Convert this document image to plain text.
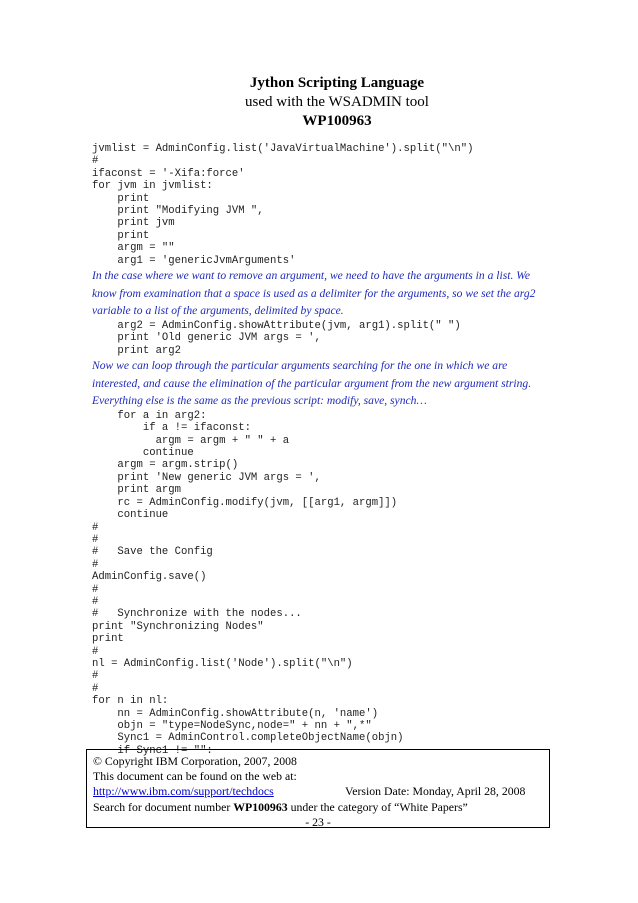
Jython Scripting Language
used with the WSADMIN tool
WP100963
jvmlist = AdminConfig.list('JavaVirtualMachine').split("\n")
#
ifaconst = '-Xifa:force'
for jvm in jvmlist:
print
print "Modifying JVM ",
print jvm
print
argm = ""
arg1 = 'genericJvmArguments'
In the case where we want to remove an argument, we need to have the arguments in a list. We know from examination that a space is used as a delimiter for the arguments, so we set the arg2 variable to a list of the arguments, delimited by space.
arg2 = AdminConfig.showAttribute(jvm, arg1).split(" ")
print 'Old generic JVM args = ',
print arg2
Now we can loop through the particular arguments searching for the one in which we are interested, and cause the elimination of the particular argument from the new argument string. Everything else is the same as the previous script: modify, save, synch…
for a in arg2:
if a != ifaconst:
argm = argm + " " + a
continue
argm = argm.strip()
print 'New generic JVM args = ',
print argm
rc = AdminConfig.modify(jvm, [[arg1, argm]])
continue
#
#
#   Save the Config
#
AdminConfig.save()
#
#
#   Synchronize with the nodes...
print "Synchronizing Nodes"
print
#
nl = AdminConfig.list('Node').split("\n")
#
#
for n in nl:
nn = AdminConfig.showAttribute(n, 'name')
objn = "type=NodeSync,node=" + nn + ",*"
Sync1 = AdminControl.completeObjectName(objn)
if Sync1 != "":
© Copyright IBM Corporation, 2007, 2008
This document can be found on the web at:
http://www.ibm.com/support/techdocs	Version Date: Monday, April 28, 2008
Search for document number WP100963 under the category of “White Papers”
- 23 -
